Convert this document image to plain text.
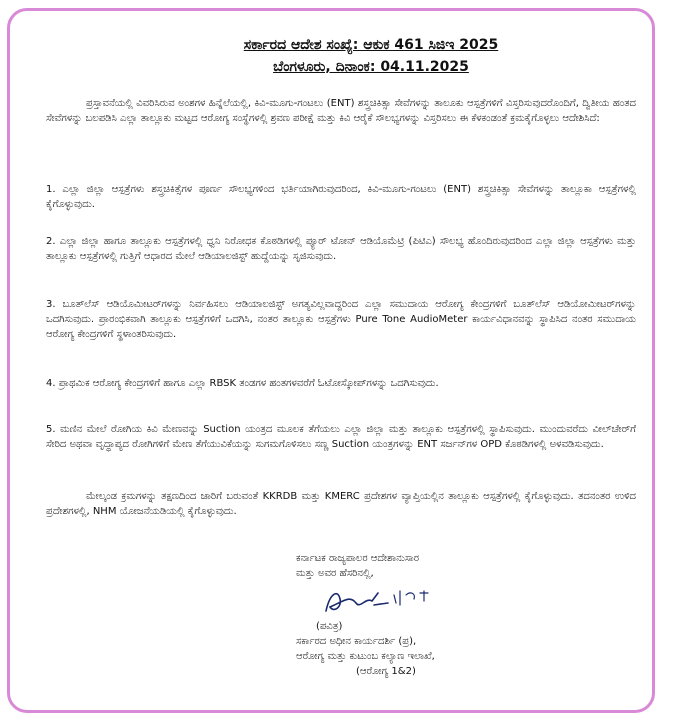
ಸರ್ಕಾರದ ಆದೇಶ ಸಂಖ್ಯೆ: ಆಕುಕ 461 ಸಿಜಿಇ 2025
ಬೆಂಗಳೂರು, ದಿನಾಂಕ: 04.11.2025

ಪ್ರಸ್ತಾವನೆಯಲ್ಲಿ ವಿವರಿಸಿರುವ ಅಂಶಗಳ ಹಿನ್ನೆಲೆಯಲ್ಲಿ, ಕಿವಿ-ಮೂಗು-ಗಂಟಲು (ENT) ಶಸ್ತ್ರಚಿಕಿತ್ಸಾ ಸೇವೆಗಳನ್ನು ತಾಲೂಕು ಆಸ್ಪತ್ರೆಗಳಿಗೆ ವಿಸ್ತರಿಸುವುದರೊಂದಿಗೆ, ದ್ವಿತೀಯ ಹಂತದ ಸೇವೆಗಳನ್ನು ಬಲಪಡಿಸಿ ಎಲ್ಲಾ ತಾಲ್ಲೂಕು ಮಟ್ಟದ ಆರೋಗ್ಯ ಸಂಸ್ಥೆಗಳಲ್ಲಿ ಶ್ರವಣ ಪರೀಕ್ಷೆ ಮತ್ತು ಕಿವಿ ಆರೈಕೆ ಸೌಲಭ್ಯಗಳನ್ನು ವಿಸ್ತರಿಸಲು ಈ ಕೆಳಕಂಡಂತೆ ಕ್ರಮಕೈಗೊಳ್ಳಲು ಆದೇಶಿಸಿದೆ:

1. ಎಲ್ಲಾ ಜಿಲ್ಲಾ ಆಸ್ಪತ್ರೆಗಳು ಶಸ್ತ್ರಚಿಕಿತ್ಸೆಗಳ ಪೂರ್ಣ ಸೌಲಭ್ಯಗಳಿಂದ ಭರ್ತಿಯಾಗಿರುವುದರಿಂದ, ಕಿವಿ-ಮೂಗು-ಗಂಟಲು (ENT) ಶಸ್ತ್ರಚಿಕಿತ್ಸಾ ಸೇವೆಗಳನ್ನು ತಾಲ್ಲೂಕಾ ಆಸ್ಪತ್ರೆಗಳಲ್ಲಿ ಕೈಗೊಳ್ಳುವುದು.

2. ಎಲ್ಲಾ ಜಿಲ್ಲಾ ಹಾಗೂ ತಾಲ್ಲೂಕು ಆಸ್ಪತ್ರೆಗಳಲ್ಲಿ ಧ್ವನಿ ನಿರೋಧಕ ಕೊಠಡಿಗಳಲ್ಲಿ ಪ್ಯೂರ್ ಟೋನ್ ಆಡಿಯೊಮೆಟ್ರಿ (ಪಿಟಿಎ) ಸೌಲಭ್ಯ ಹೊಂದಿರುವುದರಿಂದ ಎಲ್ಲಾ ಜಿಲ್ಲಾ ಆಸ್ಪತ್ರೆಗಳು ಮತ್ತು ತಾಲ್ಲೂಕು ಆಸ್ಪತ್ರೆಗಳಲ್ಲಿ ಗುತ್ತಿಗೆ ಆಧಾರದ ಮೇಲೆ ಆಡಿಯಾಲಜಿಸ್ಟ್ ಹುದ್ದೆಯನ್ನು ಸೃಜಿಸುವುದು.

3. ಬೂತ್‌ಲೆಸ್ ಆಡಿಯೊಮೀಟರ್‌ಗಳನ್ನು ನಿರ್ವಹಿಸಲು ಆಡಿಯಾಲಜಿಸ್ಟ್ ಅಗತ್ಯವಿಲ್ಲವಾದ್ದರಿಂದ ಎಲ್ಲಾ ಸಮುದಾಯ ಆರೋಗ್ಯ ಕೇಂದ್ರಗಳಿಗೆ ಬೂತ್‌ಲೆಸ್ ಆಡಿಯೋಮೀಟರ್‌ಗಳನ್ನು ಒದಗಿಸುವುದು. ಪ್ರಾರಂಭಿಕವಾಗಿ ತಾಲ್ಲೂಕು ಆಸ್ಪತ್ರೆಗಳಿಗೆ ಒದಗಿಸಿ, ನಂತರ ತಾಲ್ಲೂಕು ಆಸ್ಪತ್ರೆಗಳು Pure Tone AudioMeter ಕಾರ್ಯವಿಧಾನವನ್ನು ಸ್ಥಾಪಿಸಿದ ನಂತರ ಸಮುದಾಯ ಆರೋಗ್ಯ ಕೇಂದ್ರಗಳಿಗೆ ಸ್ಥಳಾಂತರಿಸುವುದು.

4. ಪ್ರಾಥಮಿಕ ಆರೋಗ್ಯ ಕೇಂದ್ರಗಳಿಗೆ ಹಾಗೂ ಎಲ್ಲಾ RBSK ತಂಡಗಳ ಹಂತಗಳವರೆಗೆ ಓಟೋಸ್ಕೋಪ್‌ಗಳನ್ನು ಒದಗಿಸುವುದು.

5. ಮಣಿನ ಮೇಲೆ ರೋಗಿಯ ಕಿವಿ ಮೇಣವನ್ನು Suction ಯಂತ್ರದ ಮೂಲಕ ತೆಗೆಯಲು ಎಲ್ಲಾ ಜಿಲ್ಲಾ ಮತ್ತು ತಾಲ್ಲೂಕು ಆಸ್ಪತ್ರೆಗಳಲ್ಲಿ ಸ್ಥಾಪಿಸುವುದು. ಮುಂದುವರೆದು ವೀಲ್‌ಚೇರ್‌ಗೆ ಸೇರಿದ ಅಥವಾ ವೃದ್ಧಾಪ್ಯದ ರೋಗಿಗಳಿಗೆ ಮೇಣ ತೆಗೆಯುವಿಕೆಯನ್ನು ಸುಗಮಗೊಳಿಸಲು ಸಣ್ಣ Suction ಯಂತ್ರಗಳನ್ನು ENT ಸರ್ಜನ್‌ಗಳ OPD ಕೊಠಡಿಗಳಲ್ಲಿ ಅಳವಡಿಸುವುದು.

ಮೇಲ್ಕಂಡ ಕ್ರಮಗಳನ್ನು ತಕ್ಷಣದಿಂದ ಜಾರಿಗೆ ಬರುವಂತೆ KKRDB ಮತ್ತು KMERC ಪ್ರದೇಶಗಳ ವ್ಯಾಪ್ತಿಯಲ್ಲಿನ ತಾಲ್ಲೂಕು ಆಸ್ಪತ್ರೆಗಳಲ್ಲಿ ಕೈಗೊಳ್ಳುವುದು. ತದನಂತರ ಉಳಿದ ಪ್ರದೇಶಗಳಲ್ಲಿ, NHM ಯೋಜನೆಯಡಿಯಲ್ಲಿ ಕೈಗೊಳ್ಳುವುದು.

ಕರ್ನಾಟಕ ರಾಜ್ಯಪಾಲರ ಆದೇಶಾನುಸಾರ
ಮತ್ತು ಅವರ ಹೆಸರಿನಲ್ಲಿ,
(ಪವಿತ್ರ)
ಸರ್ಕಾರದ ಅಧೀನ ಕಾರ್ಯದರ್ಶಿ (ಪ್ರ),
ಆರೋಗ್ಯ ಮತ್ತು ಕುಟುಂಬ ಕಲ್ಯಾಣ ಇಲಾಖೆ,
(ಆರೋಗ್ಯ 1&2)
